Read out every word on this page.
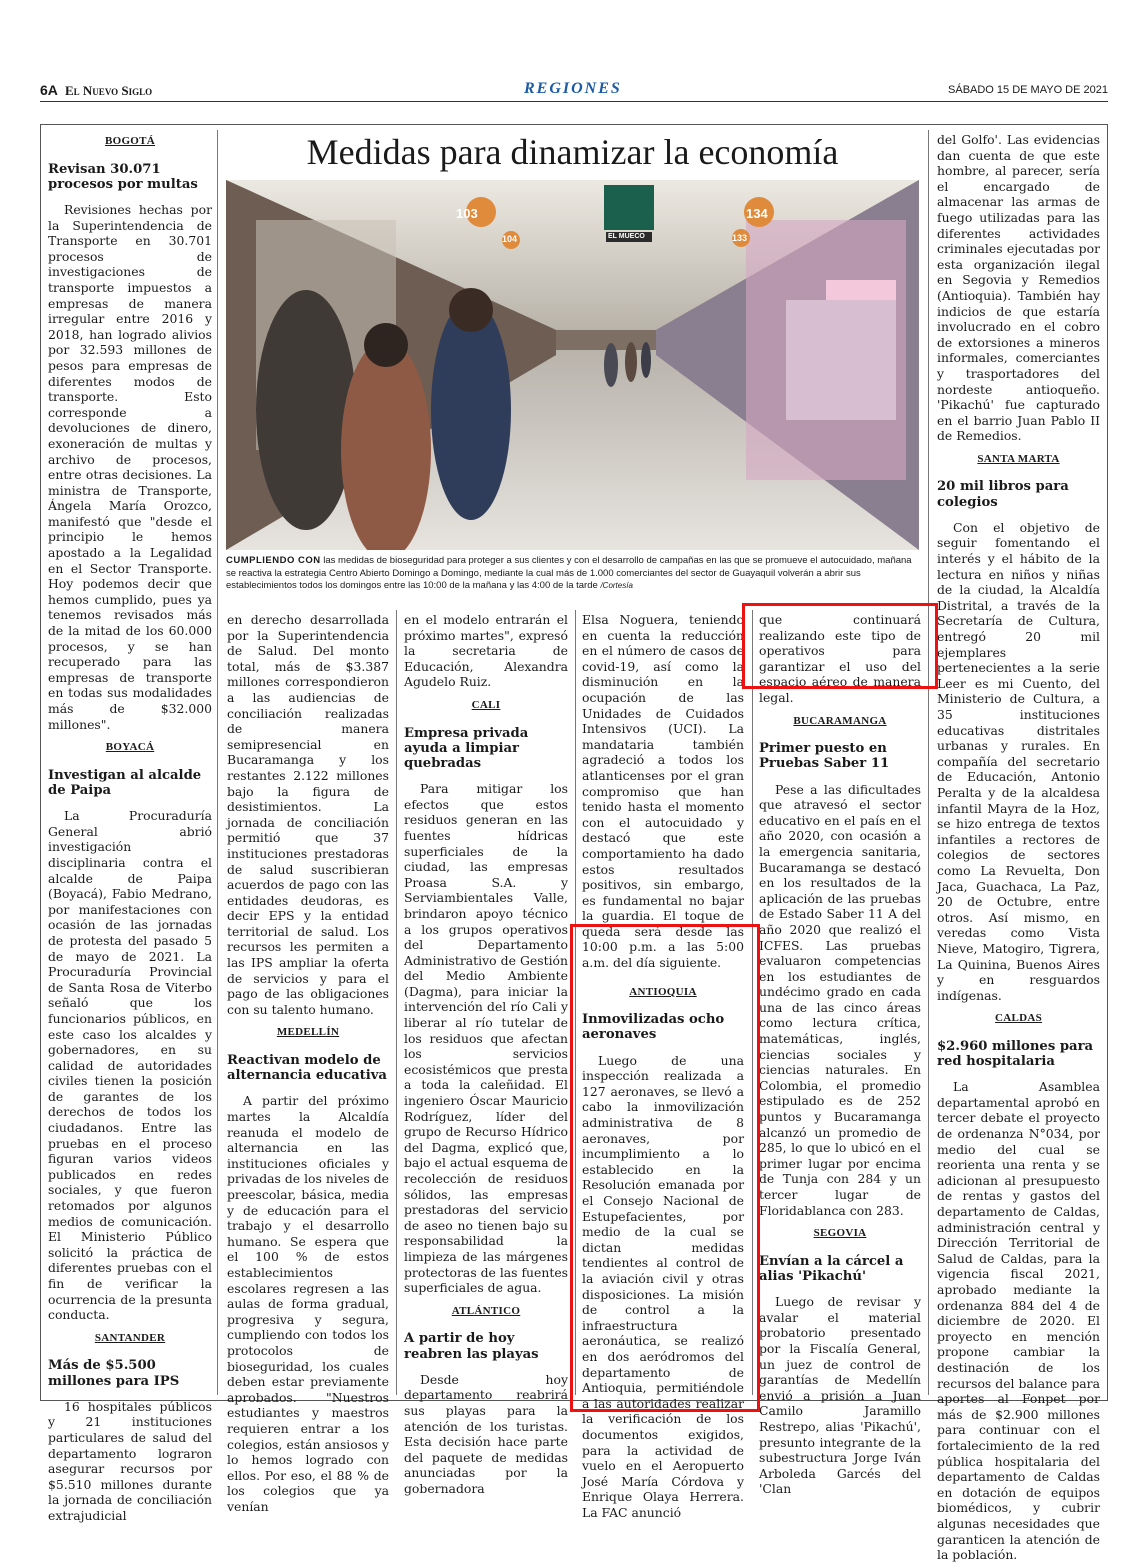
6A El Nuevo Siglo	REGIONES	SÁBADO 15 DE MAYO DE 2021
Medidas para dinamizar la economía
103
104
134
133
EL MUECO
CUMPLIENDO CON las medidas de bioseguridad para proteger a sus clientes y con el desarrollo de campañas en las que se promueve el autocuidado, mañana se reactiva la estrategia Centro Abierto Domingo a Domingo, mediante la cual más de 1.000 comerciantes del sector de Guayaquil volverán a abrir sus establecimientos todos los domingos entre las 10:00 de la mañana y las 4:00 de la tarde /Cortesía
BOGOTÁ
Revisan 30.071 procesos por multas

Revisiones hechas por la Superintendencia de Transporte en 30.701 procesos de investigaciones de transporte impuestos a empresas de manera irregular entre 2016 y 2018, han logrado alivios por 32.593 millones de pesos para empresas de diferentes modos de transporte. Esto corresponde a devoluciones de dinero, exoneración de multas y archivo de procesos, entre otras decisiones. La ministra de Transporte, Ángela María Orozco, manifestó que "desde el principio le hemos apostado a la Legalidad en el Sector Transporte. Hoy podemos decir que hemos cumplido, pues ya tenemos revisados más de la mitad de los 60.000 procesos, y se han recuperado para las empresas de transporte en todas sus modalidades más de $32.000 millones".

BOYACÁ
Investigan al alcalde de Paipa

La Procuraduría General abrió investigación disciplinaria contra el alcalde de Paipa (Boyacá), Fabio Medrano, por manifestaciones con ocasión de las jornadas de protesta del pasado 5 de mayo de 2021. La Procuraduría Provincial de Santa Rosa de Viterbo señaló que los funcionarios públicos, en este caso los alcaldes y gobernadores, en su calidad de autoridades civiles tienen la posición de garantes de los derechos de todos los ciudadanos. Entre las pruebas en el proceso figuran varios videos publicados en redes sociales, y que fueron retomados por algunos medios de comunicación. El Ministerio Público solicitó la práctica de diferentes pruebas con el fin de verificar la ocurrencia de la presunta conducta.

SANTANDER
Más de $5.500 millones para IPS

16 hospitales públicos y 21 instituciones particulares de salud del departamento lograron asegurar recursos por $5.510 millones durante la jornada de conciliación extrajudicial

en derecho desarrollada por la Superintendencia de Salud. Del monto total, más de $3.387 millones correspondieron a las audiencias de conciliación realizadas de manera semipresencial en Bucaramanga y los restantes 2.122 millones bajo la figura de desistimientos. La jornada de conciliación permitió que 37 instituciones prestadoras de salud suscribieran acuerdos de pago con las entidades deudoras, es decir EPS y la entidad territorial de salud. Los recursos les permiten a las IPS ampliar la oferta de servicios y para el pago de las obligaciones con su talento humano.

MEDELLÍN
Reactivan modelo de alternancia educativa

A partir del próximo martes la Alcaldía reanuda el modelo de alternancia en las instituciones oficiales y privadas de los niveles de preescolar, básica, media y de educación para el trabajo y el desarrollo humano. Se espera que el 100 % de estos establecimientos escolares regresen a las aulas de forma gradual, progresiva y segura, cumpliendo con todos los protocolos de bioseguridad, los cuales deben estar previamente aprobados. "Nuestros estudiantes y maestros requieren entrar a los colegios, están ansiosos y lo hemos logrado con ellos. Por eso, el 88 % de los colegios que ya venían

en el modelo entrarán el próximo martes", expresó la secretaria de Educación, Alexandra Agudelo Ruiz.

CALI
Empresa privada ayuda a limpiar quebradas

Para mitigar los efectos que estos residuos generan en las fuentes hídricas superficiales de la ciudad, las empresas Proasa S.A. y Serviambientales Valle, brindaron apoyo técnico a los grupos operativos del Departamento Administrativo de Gestión del Medio Ambiente (Dagma), para iniciar la intervención del río Cali y liberar al río tutelar de los residuos que afectan los servicios ecosistémicos que presta a toda la caleñidad. El ingeniero Óscar Mauricio Rodríguez, líder del grupo de Recurso Hídrico del Dagma, explicó que, bajo el actual esquema de recolección de residuos sólidos, las empresas prestadoras del servicio de aseo no tienen bajo su responsabilidad la limpieza de las márgenes protectoras de las fuentes superficiales de agua.

ATLÁNTICO
A partir de hoy reabren las playas

Desde hoy departamento reabrirá sus playas para la atención de los turistas. Esta decisión hace parte del paquete de medidas anunciadas por la gobernadora

Elsa Noguera, teniendo en cuenta la reducción en el número de casos de covid-19, así como la disminución en la ocupación de las Unidades de Cuidados Intensivos (UCI). La mandataria también agradeció a todos los atlanticenses por el gran compromiso que han tenido hasta el momento con el autocuidado y destacó que este comportamiento ha dado estos resultados positivos, sin embargo, es fundamental no bajar la guardia. El toque de queda será desde las 10:00 p.m. a las 5:00 a.m. del día siguiente.

ANTIOQUIA
Inmovilizadas ocho aeronaves

Luego de una inspección realizada a 127 aeronaves, se llevó a cabo la inmovilización administrativa de 8 aeronaves, por incumplimiento a lo establecido en la Resolución emanada por el Consejo Nacional de Estupefacientes, por medio de la cual se dictan medidas tendientes al control de la aviación civil y otras disposiciones. La misión de control a la infraestructura aeronáutica, se realizó en dos aeródromos del departamento de Antioquia, permitiéndole a las autoridades realizar la verificación de los documentos exigidos, para la actividad de vuelo en el Aeropuerto José María Córdova y Enrique Olaya Herrera. La FAC anunció

que continuará realizando este tipo de operativos para garantizar el uso del espacio aéreo de manera legal.

BUCARAMANGA
Primer puesto en Pruebas Saber 11

Pese a las dificultades que atravesó el sector educativo en el país en el año 2020, con ocasión a la emergencia sanitaria, Bucaramanga se destacó en los resultados de la aplicación de las pruebas de Estado Saber 11 A del año 2020 que realizó el ICFES. Las pruebas evaluaron competencias en los estudiantes de undécimo grado en cada una de las cinco áreas como lectura crítica, matemáticas, inglés, ciencias sociales y ciencias naturales. En Colombia, el promedio estipulado es de 252 puntos y Bucaramanga alcanzó un promedio de 285, lo que lo ubicó en el primer lugar por encima de Tunja con 284 y un tercer lugar de Floridablanca con 283.

SEGOVIA
Envían a la cárcel a alias 'Pikachú'

Luego de revisar y avalar el material probatorio presentado por la Fiscalía General, un juez de control de garantías de Medellín envió a prisión a Juan Camilo Jaramillo Restrepo, alias 'Pikachú', presunto integrante de la subestructura Jorge Iván Arboleda Garcés del 'Clan

del Golfo'. Las evidencias dan cuenta de que este hombre, al parecer, sería el encargado de almacenar las armas de fuego utilizadas para las diferentes actividades criminales ejecutadas por esta organización ilegal en Segovia y Remedios (Antioquia). También hay indicios de que estaría involucrado en el cobro de extorsiones a mineros informales, comerciantes y trasportadores del nordeste antioqueño. 'Pikachú' fue capturado en el barrio Juan Pablo II de Remedios.

SANTA MARTA
20 mil libros para colegios

Con el objetivo de seguir fomentando el interés y el hábito de la lectura en niños y niñas de la ciudad, la Alcaldía Distrital, a través de la Secretaría de Cultura, entregó 20 mil ejemplares pertenecientes a la serie Leer es mi Cuento, del Ministerio de Cultura, a 35 instituciones educativas distritales urbanas y rurales. En compañía del secretario de Educación, Antonio Peralta y de la alcaldesa infantil Mayra de la Hoz, se hizo entrega de textos infantiles a rectores de colegios de sectores como La Revuelta, Don Jaca, Guachaca, La Paz, 20 de Octubre, entre otros. Así mismo, en veredas como Vista Nieve, Matogiro, Tigrera, La Quinina, Buenos Aires y en resguardos indígenas.

CALDAS
$2.960 millones para red hospitalaria

La Asamblea departamental aprobó en tercer debate el proyecto de ordenanza N°034, por medio del cual se reorienta una renta y se adicionan al presupuesto de rentas y gastos del departamento de Caldas, administración central y Dirección Territorial de Salud de Caldas, para la vigencia fiscal 2021, aprobado mediante la ordenanza 884 del 4 de diciembre de 2020. El proyecto en mención propone cambiar la destinación de los recursos del balance para aportes al Fonpet por más de $2.900 millones para continuar con el fortalecimiento de la red pública hospitalaria del departamento de Caldas en dotación de equipos biomédicos, y cubrir algunas necesidades que garanticen la atención de la población.
